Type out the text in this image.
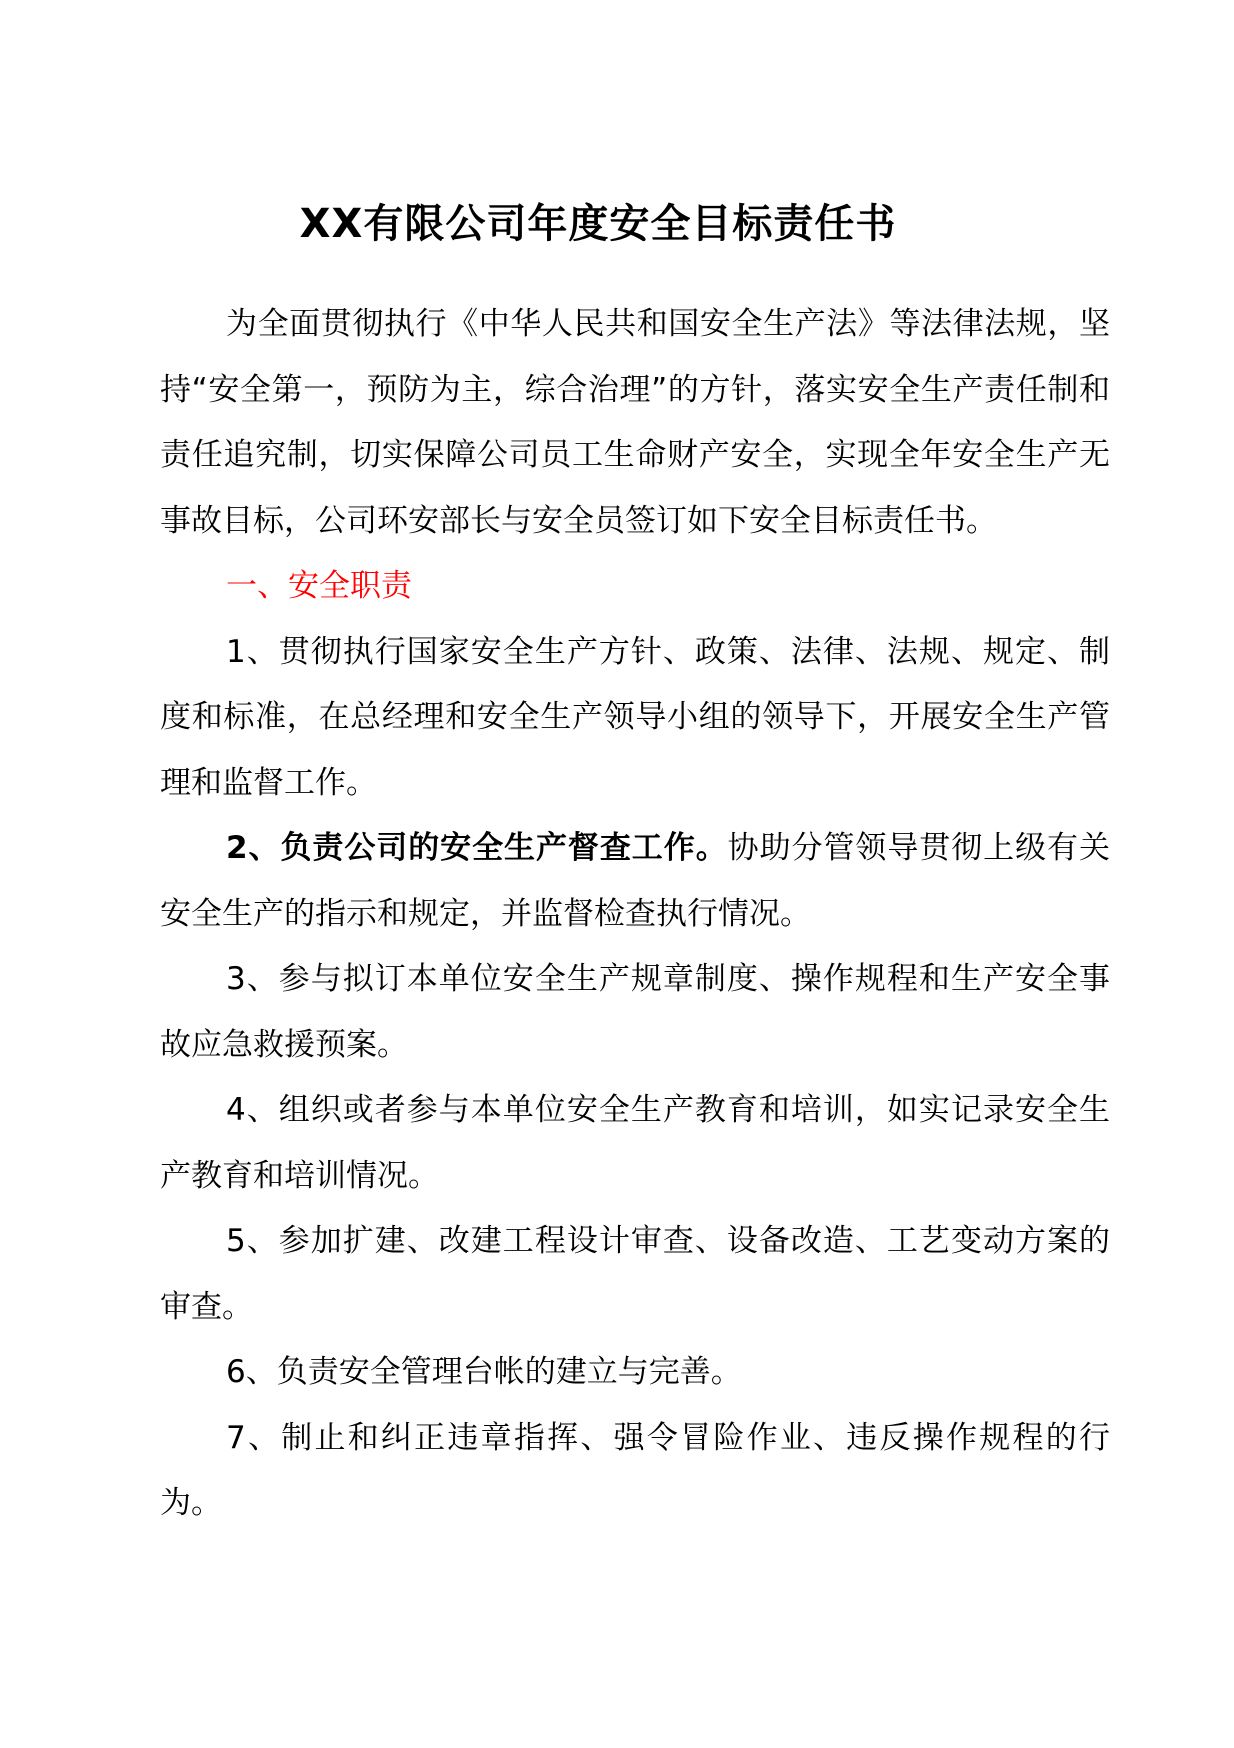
XX有限公司年度安全目标责任书

为全面贯彻执行《中华人民共和国安全生产法》等法律法规，坚持“安全第一，预防为主，综合治理”的方针，落实安全生产责任制和责任追究制，切实保障公司员工生命财产安全，实现全年安全生产无事故目标，公司环安部长与安全员签订如下安全目标责任书。

一、安全职责

1、贯彻执行国家安全生产方针、政策、法律、法规、规定、制度和标准，在总经理和安全生产领导小组的领导下，开展安全生产管理和监督工作。

2、负责公司的安全生产督查工作。协助分管领导贯彻上级有关安全生产的指示和规定，并监督检查执行情况。

3、参与拟订本单位安全生产规章制度、操作规程和生产安全事故应急救援预案。

4、组织或者参与本单位安全生产教育和培训，如实记录安全生产教育和培训情况。

5、参加扩建、改建工程设计审查、设备改造、工艺变动方案的审查。

6、负责安全管理台帐的建立与完善。

7、制止和纠正违章指挥、强令冒险作业、违反操作规程的行为。
